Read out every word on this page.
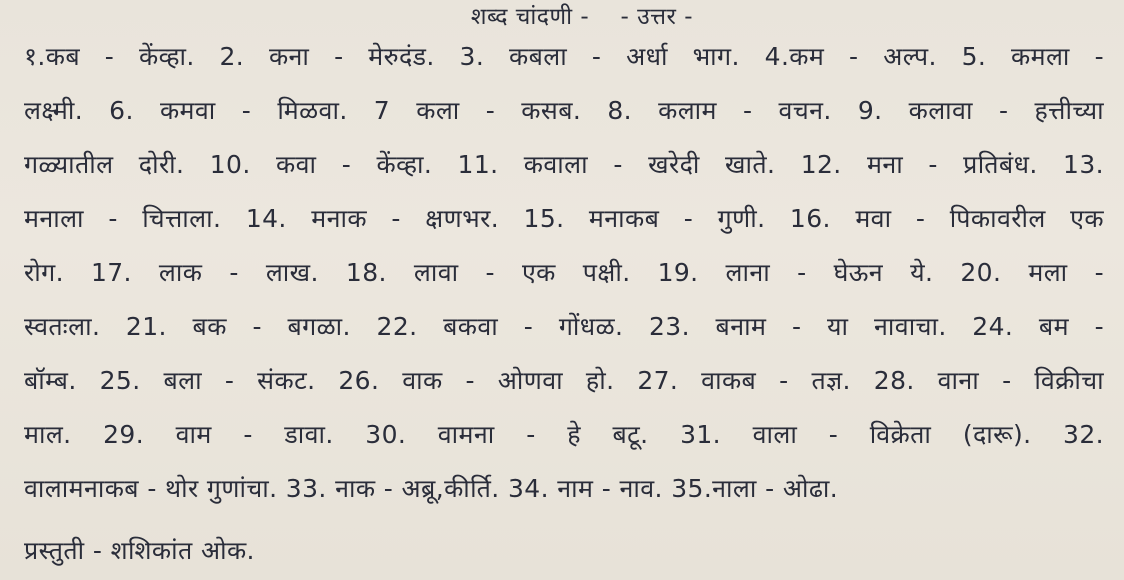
शब्द चांदणी - - उत्तर -
१.कब - केंव्हा. 2. कना - मेरुदंड. 3. कबला - अर्धा भाग. 4.कम - अल्प. 5. कमला -
लक्ष्मी. 6. कमवा - मिळवा. 7 कला - कसब. 8. कलाम - वचन. 9. कलावा - हत्तीच्या
गळ्यातील दोरी. 10. कवा - केंव्हा. 11. कवाला - खरेदी खाते. 12. मना - प्रतिबंध. 13.
मनाला - चित्ताला. 14. मनाक - क्षणभर. 15. मनाकब - गुणी. 16. मवा - पिकावरील एक
रोग. 17. लाक - लाख. 18. लावा - एक पक्षी. 19. लाना - घेऊन ये. 20. मला -
स्वतःला. 21. बक - बगळा. 22. बकवा - गोंधळ. 23. बनाम - या नावाचा. 24. बम -
बॉम्ब. 25. बला - संकट. 26. वाक - ओणवा हो. 27. वाकब - तज्ञ. 28. वाना - विक्रीचा
माल. 29. वाम - डावा. 30. वामना - हे बटू. 31. वाला - विक्रेता (दारू). 32.
वालामनाकब - थोर गुणांचा. 33. नाक - अब्रू,कीर्ति. 34. नाम - नाव. 35.नाला - ओढा.
प्रस्तुती - शशिकांत ओक.
